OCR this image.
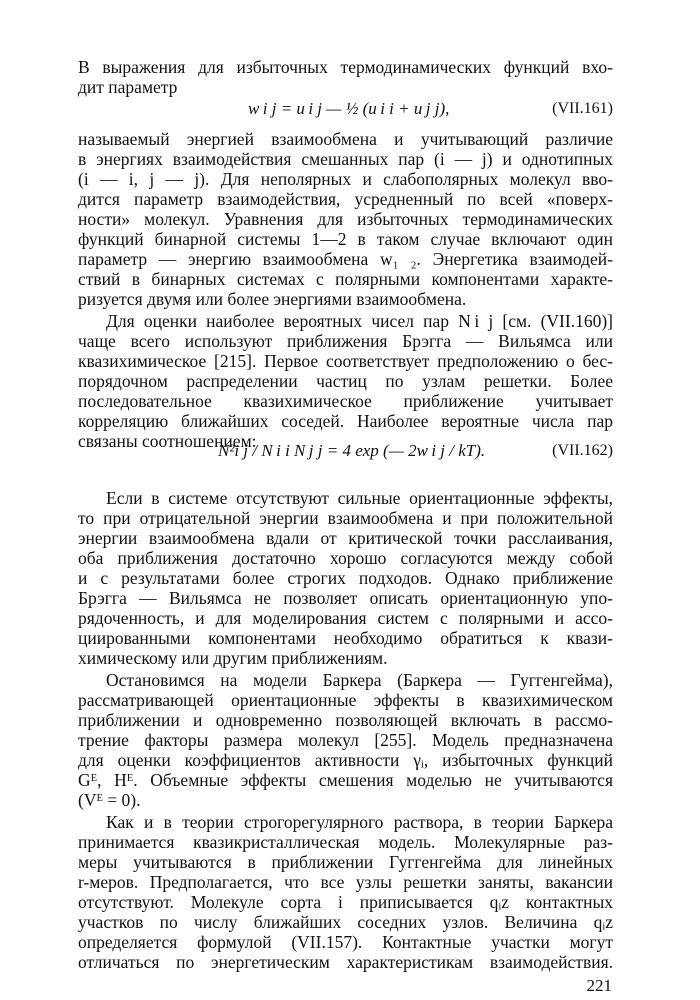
В выражения для избыточных термодинамических функций вхо-
дит параметр
w i j = u i j — ½ (u i i + u j j),	(VII.161)
называемый энергией взаимообмена и учитывающий различие
в энергиях взаимодействия смешанных пар (i — j) и однотипных
(i — i, j — j). Для неполярных и слабополярных молекул вво-
дится параметр взаимодействия, усредненный по всей «поверх-
ности» молекул. Уравнения для избыточных термодинамических
функций бинарной системы 1—2 в таком случае включают один
параметр — энергию взаимообмена w₁ ₂. Энергетика взаимодей-
ствий в бинарных системах с полярными компонентами характе-
ризуется двумя или более энергиями взаимообмена.
Для оценки наиболее вероятных чисел пар N i j [см. (VII.160)]
чаще всего используют приближения Брэгга — Вильямса или
квазихимическое [215]. Первое соответствует предположению о бес-
порядочном распределении частиц по узлам решетки. Более
последовательное квазихимическое приближение учитывает
корреляцию ближайших соседей. Наиболее вероятные числа пар
связаны соотношением:
N²i j / N i i N j j = 4 exp (— 2w i j / kT).	(VII.162)
Если в системе отсутствуют сильные ориентационные эффекты,
то при отрицательной энергии взаимообмена и при положительной
энергии взаимообмена вдали от критической точки расслаивания,
оба приближения достаточно хорошо согласуются между собой
и с результатами более строгих подходов. Однако приближение
Брэгга — Вильямса не позволяет описать ориентационную упо-
рядоченность, и для моделирования систем с полярными и ассо-
циированными компонентами необходимо обратиться к квази-
химическому или другим приближениям.
Остановимся на модели Баркера (Баркера — Гуггенгейма),
рассматривающей ориентационные эффекты в квазихимическом
приближении и одновременно позволяющей включать в рассмо-
трение факторы размера молекул [255]. Модель предназначена
для оценки коэффициентов активности γᵢ, избыточных функций
Gᴱ, Hᴱ. Объемные эффекты смешения моделью не учитываются
(Vᴱ = 0).
Как и в теории строгорегулярного раствора, в теории Баркера
принимается квазикристаллическая модель. Молекулярные раз-
меры учитываются в приближении Гуггенгейма для линейных
r-меров. Предполагается, что все узлы решетки заняты, вакансии
отсутствуют. Молекуле сорта i приписывается qᵢz контактных
участков по числу ближайших соседних узлов. Величина qᵢz
определяется формулой (VII.157). Контактные участки могут
отличаться по энергетическим характеристикам взаимодействия.
221
